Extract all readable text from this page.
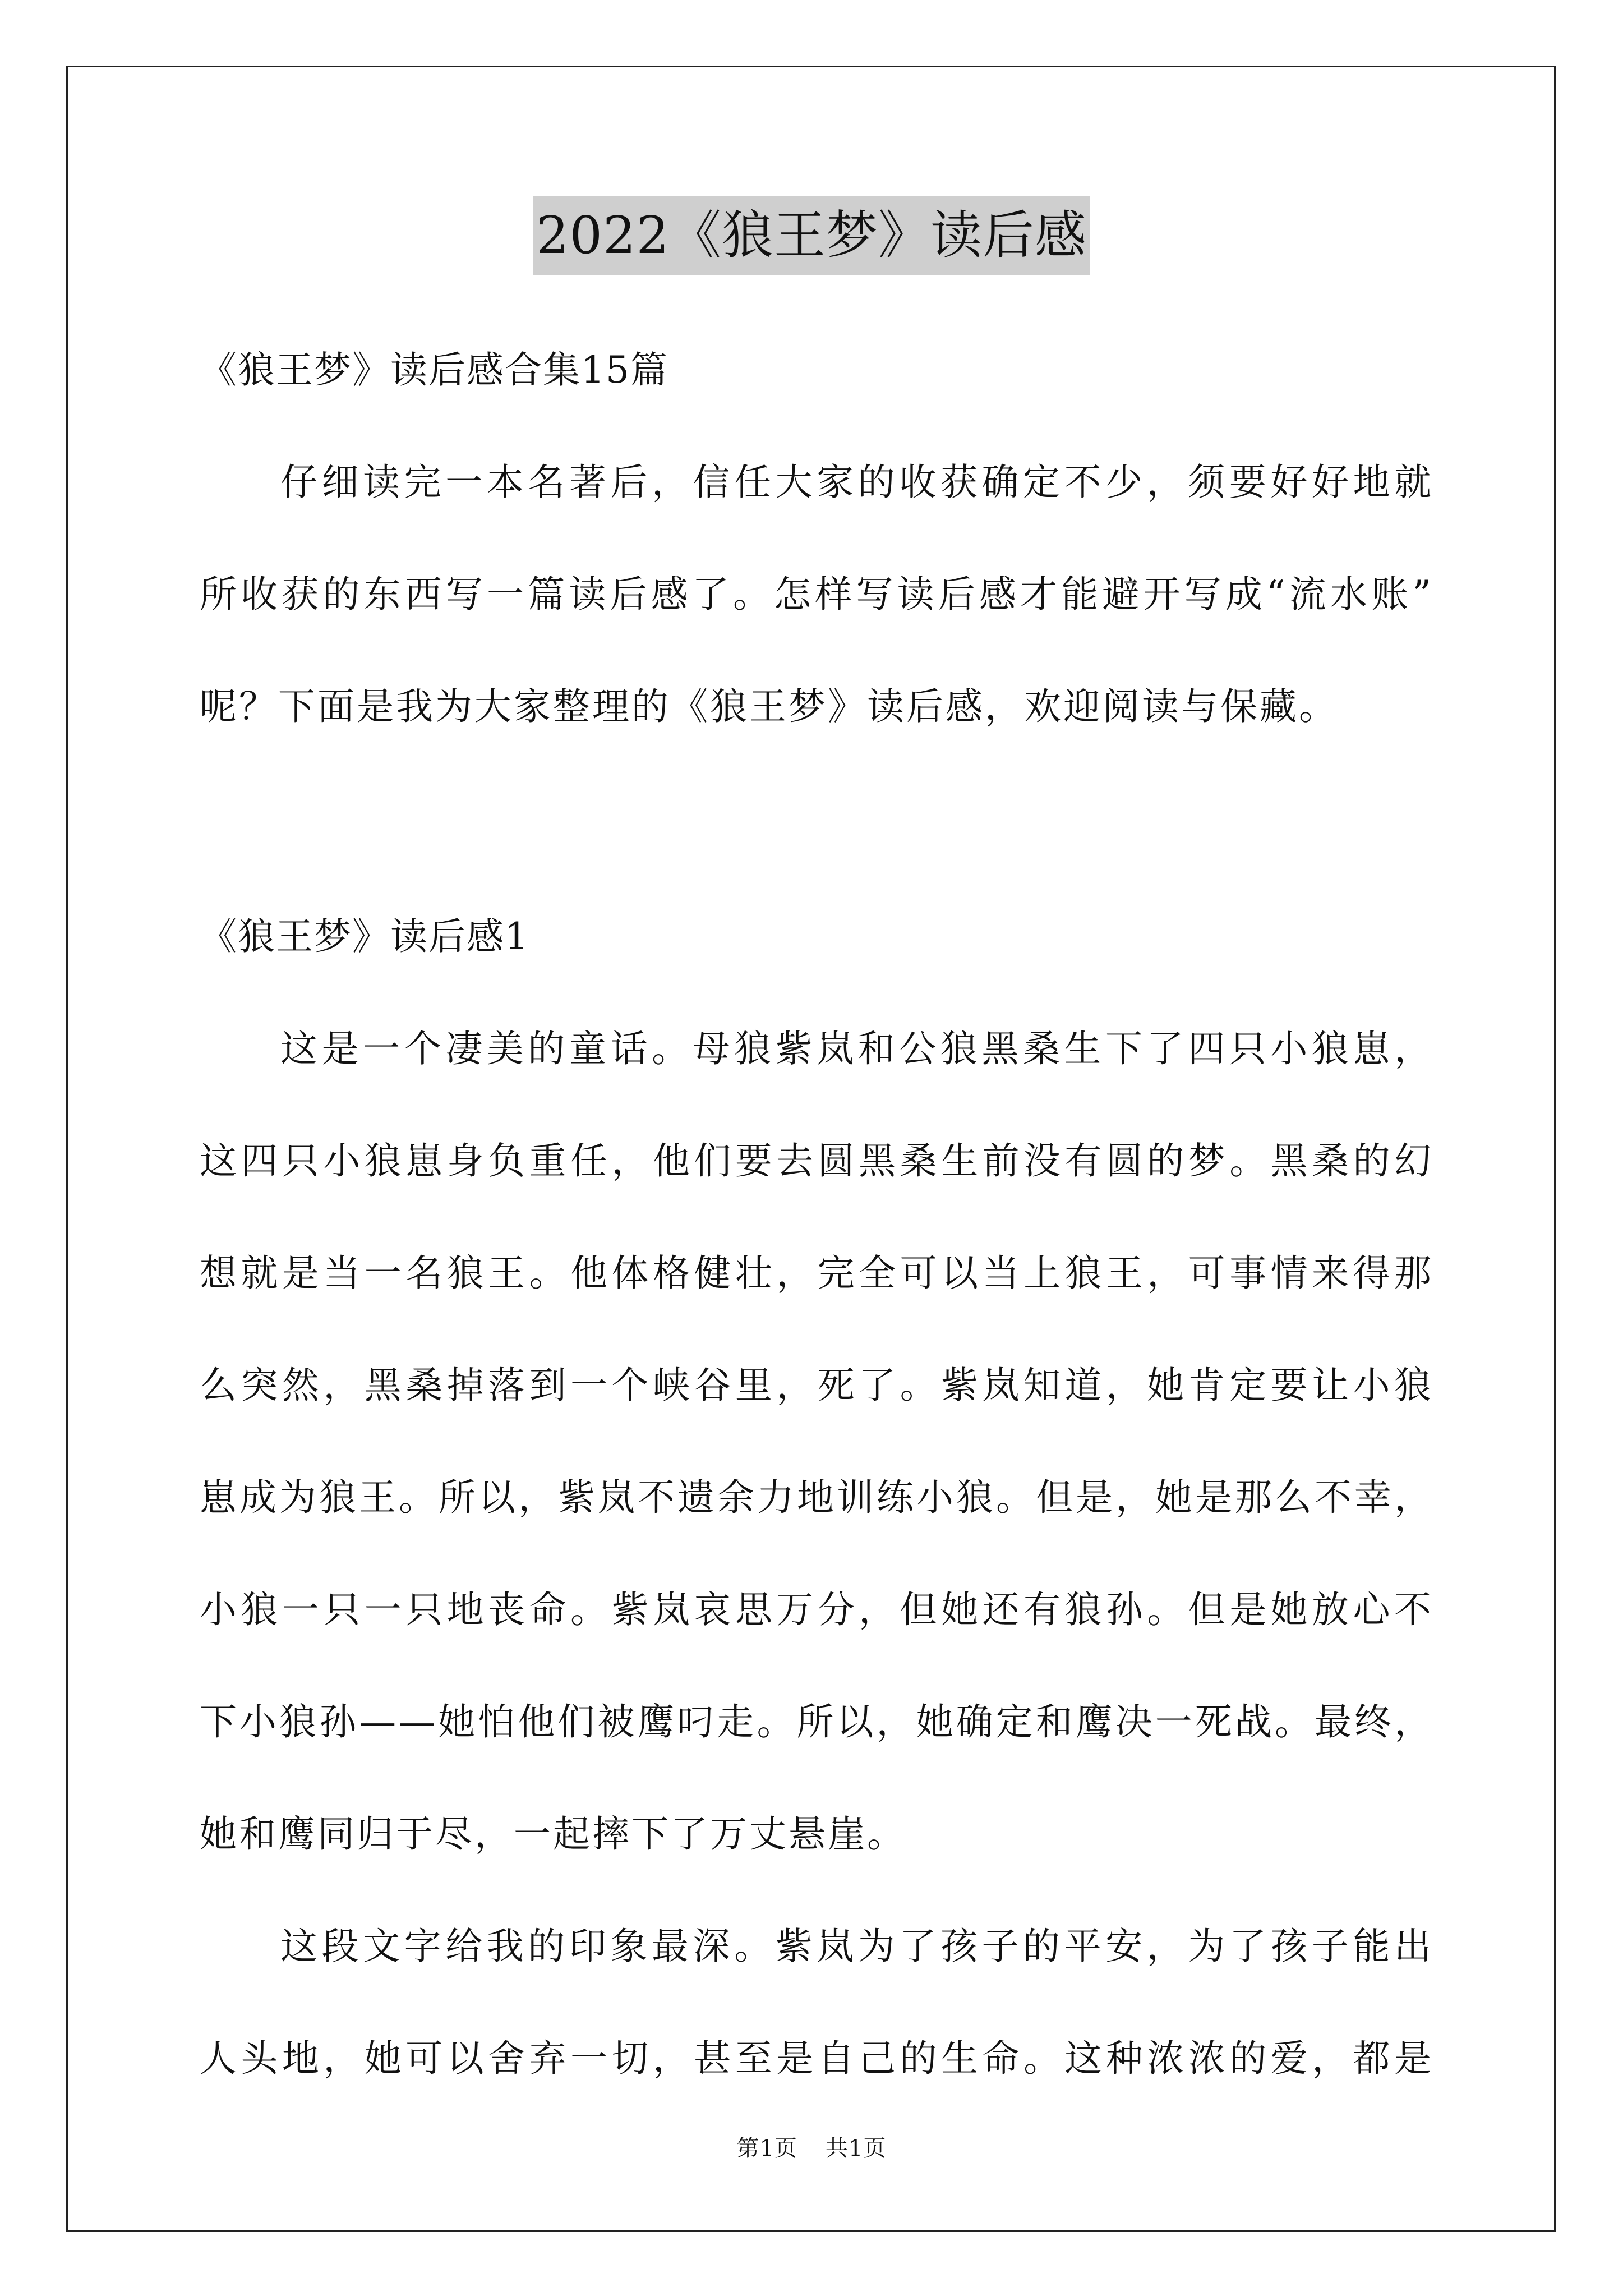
2022《狼王梦》读后感
《狼王梦》读后感合集15篇
仔细读完一本名著后，信任大家的收获确定不少，须要好好地就
所收获的东西写一篇读后感了。怎样写读后感才能避开写成“流水账”
呢？下面是我为大家整理的《狼王梦》读后感，欢迎阅读与保藏。
《狼王梦》读后感1
这是一个凄美的童话。母狼紫岚和公狼黑桑生下了四只小狼崽，
这四只小狼崽身负重任，他们要去圆黑桑生前没有圆的梦。黑桑的幻
想就是当一名狼王。他体格健壮，完全可以当上狼王，可事情来得那
么突然，黑桑掉落到一个峡谷里，死了。紫岚知道，她肯定要让小狼
崽成为狼王。所以，紫岚不遗余力地训练小狼。但是，她是那么不幸，
小狼一只一只地丧命。紫岚哀思万分，但她还有狼孙。但是她放心不
下小狼孙——她怕他们被鹰叼走。所以，她确定和鹰决一死战。最终，
她和鹰同归于尽，一起摔下了万丈悬崖。
这段文字给我的印象最深。紫岚为了孩子的平安，为了孩子能出
人头地，她可以舍弃一切，甚至是自己的生命。这种浓浓的爱，都是
第1页 共1页
